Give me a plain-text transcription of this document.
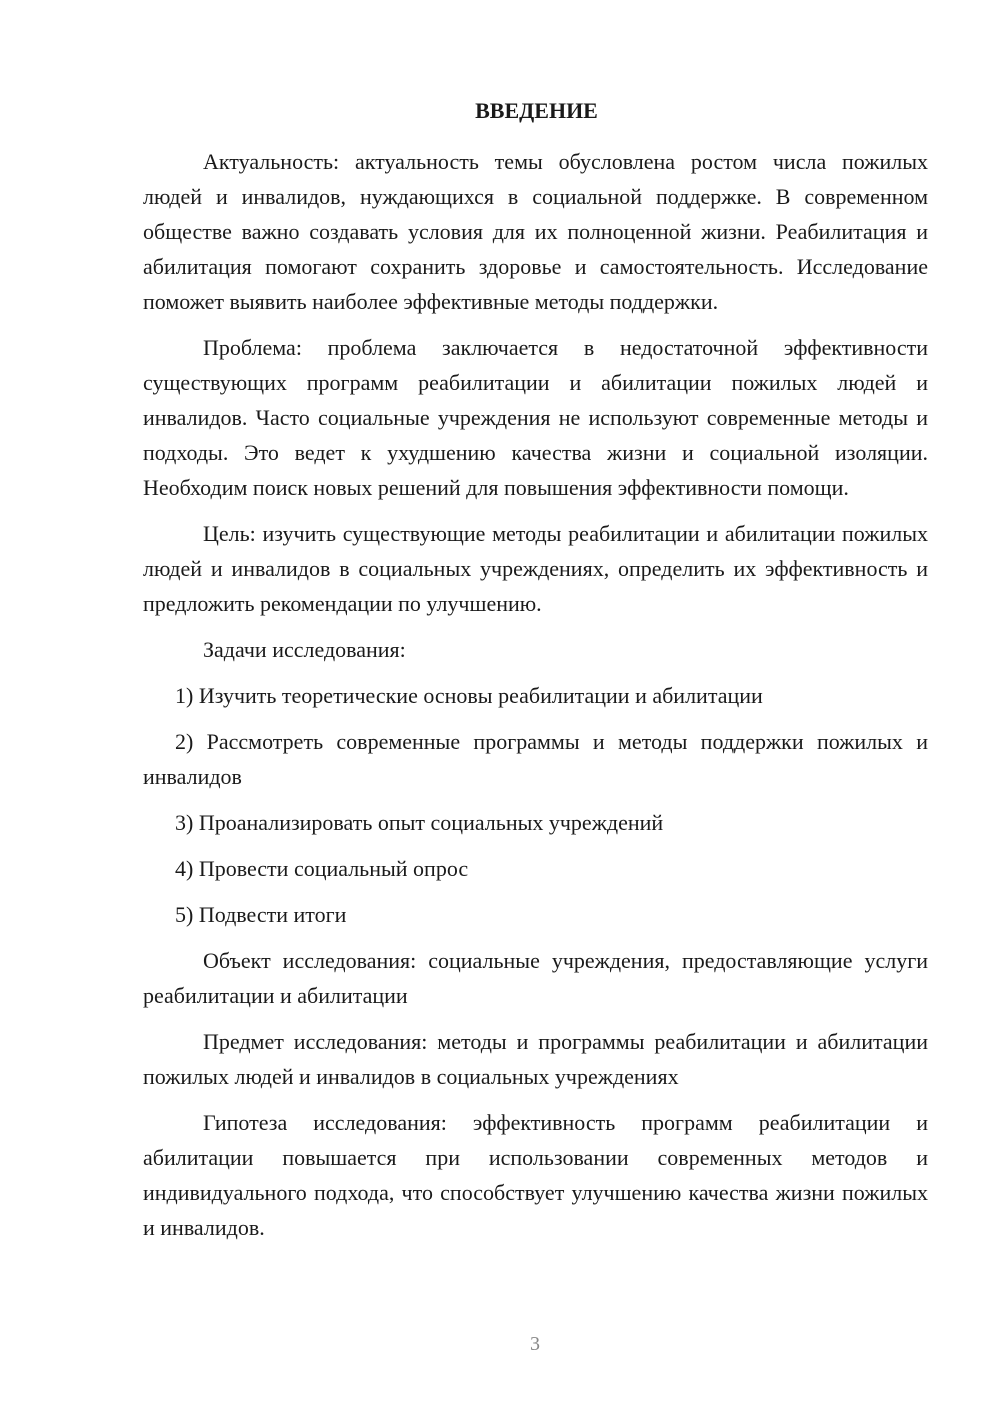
ВВЕДЕНИЕ

Актуальность: актуальность темы обусловлена ростом числа пожилых людей и инвалидов, нуждающихся в социальной поддержке. В современном обществе важно создавать условия для их полноценной жизни. Реабилитация и абилитация помогают сохранить здоровье и самостоятельность. Исследование поможет выявить наиболее эффективные методы поддержки.

Проблема: проблема заключается в недостаточной эффективности существующих программ реабилитации и абилитации пожилых людей и инвалидов. Часто социальные учреждения не используют современные методы и подходы. Это ведет к ухудшению качества жизни и социальной изоляции. Необходим поиск новых решений для повышения эффективности помощи.

Цель: изучить существующие методы реабилитации и абилитации пожилых людей и инвалидов в социальных учреждениях, определить их эффективность и предложить рекомендации по улучшению.

Задачи исследования:

1) Изучить теоретические основы реабилитации и абилитации

2) Рассмотреть современные программы и методы поддержки пожилых и инвалидов

3) Проанализировать опыт социальных учреждений

4) Провести социальный опрос

5) Подвести итоги

Объект исследования: социальные учреждения, предоставляющие услуги реабилитации и абилитации

Предмет исследования: методы и программы реабилитации и абилитации пожилых людей и инвалидов в социальных учреждениях

Гипотеза исследования: эффективность программ реабилитации и абилитации повышается при использовании современных методов и индивидуального подхода, что способствует улучшению качества жизни пожилых и инвалидов.

3
